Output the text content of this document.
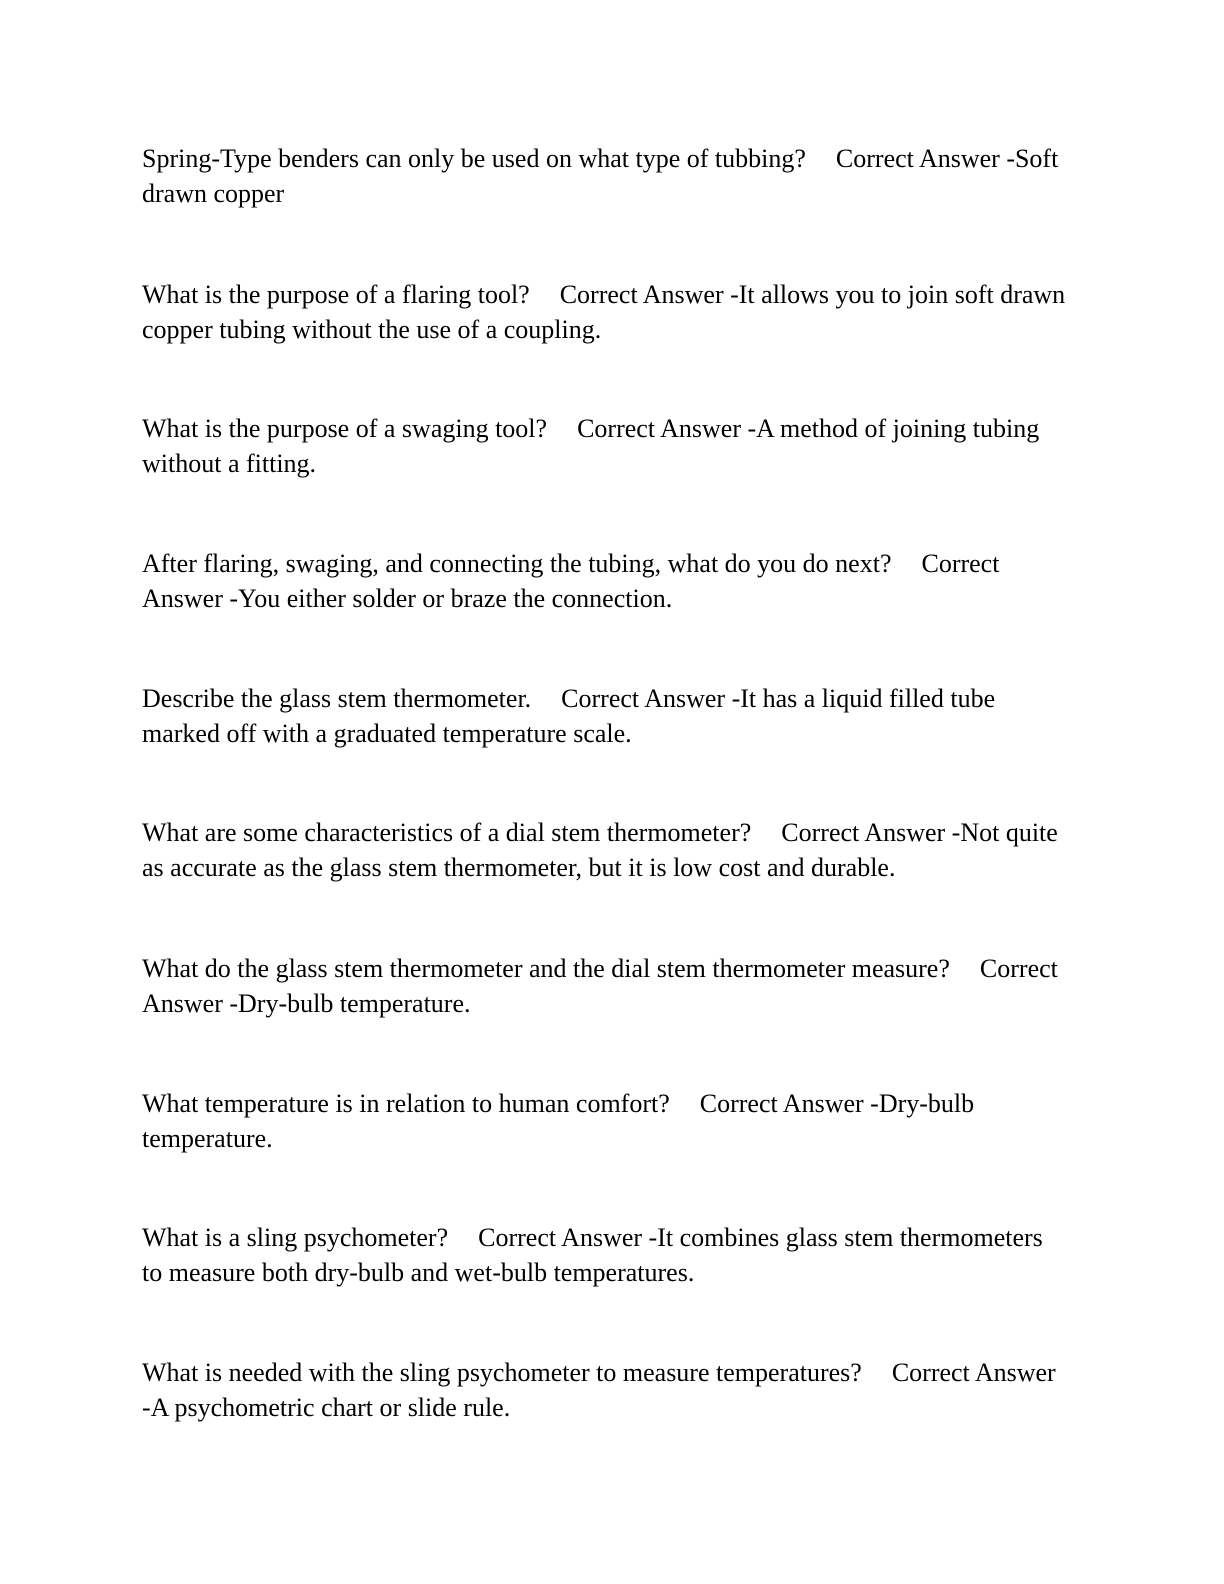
Spring-Type benders can only be used on what type of tubbing? Correct Answer -Soft drawn copper

What is the purpose of a flaring tool? Correct Answer -It allows you to join soft drawn copper tubing without the use of a coupling.

What is the purpose of a swaging tool? Correct Answer -A method of joining tubing without a fitting.

After flaring, swaging, and connecting the tubing, what do you do next? Correct Answer -You either solder or braze the connection.

Describe the glass stem thermometer. Correct Answer -It has a liquid filled tube marked off with a graduated temperature scale.

What are some characteristics of a dial stem thermometer? Correct Answer -Not quite as accurate as the glass stem thermometer, but it is low cost and durable.

What do the glass stem thermometer and the dial stem thermometer measure? Correct Answer -Dry-bulb temperature.

What temperature is in relation to human comfort? Correct Answer -Dry-bulb temperature.

What is a sling psychometer? Correct Answer -It combines glass stem thermometers to measure both dry-bulb and wet-bulb temperatures.

What is needed with the sling psychometer to measure temperatures? Correct Answer -A psychometric chart or slide rule.
